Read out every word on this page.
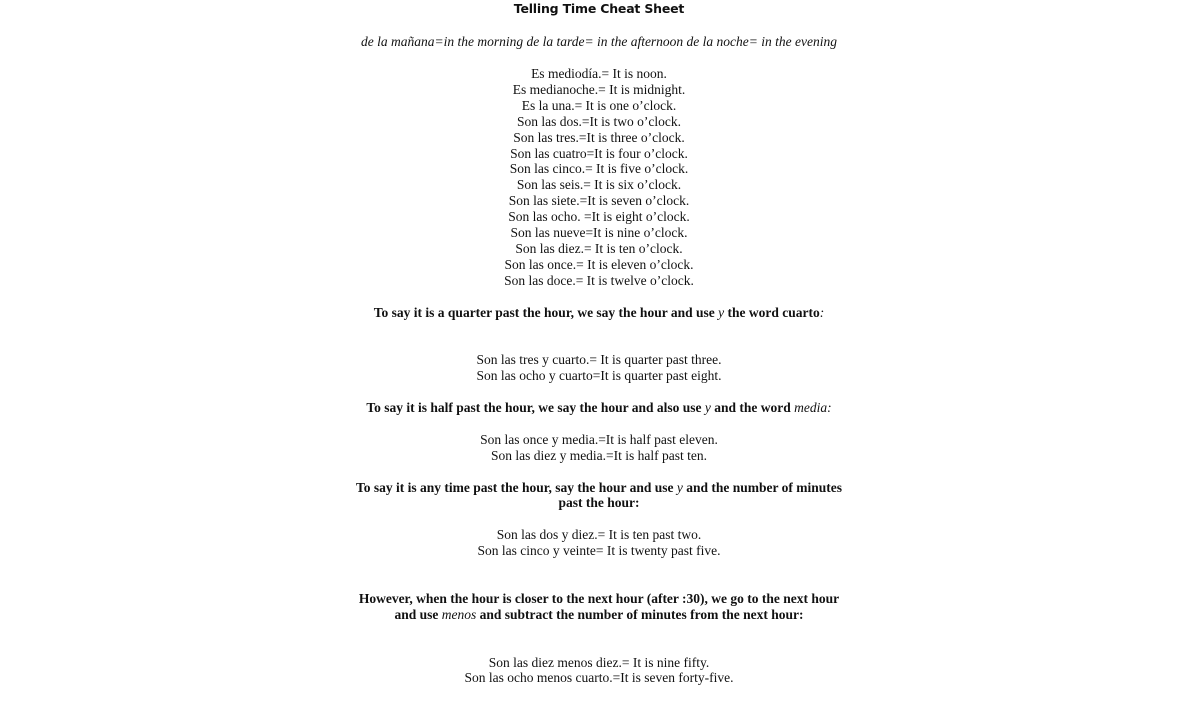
Telling Time Cheat Sheet
de la mañana=in the morning de la tarde= in the afternoon de la noche= in the evening
Es mediodía.= It is noon.
Es medianoche.= It is midnight.
Es la una.= It is one o’clock.
Son las dos.=It is two o’clock.
Son las tres.=It is three o’clock.
Son las cuatro=It is four o’clock.
Son las cinco.= It is five o’clock.
Son las seis.= It is six o’clock.
Son las siete.=It is seven o’clock.
Son las ocho. =It is eight o’clock.
Son las nueve=It is nine o’clock.
Son las diez.= It is ten o’clock.
Son las once.= It is eleven o’clock.
Son las doce.= It is twelve o’clock.
To say it is a quarter past the hour, we say the hour and use y the word cuarto:
Son las tres y cuarto.= It is quarter past three.
Son las ocho y cuarto=It is quarter past eight.
To say it is half past the hour, we say the hour and also use y and the word media:
Son las once y media.=It is half past eleven.
Son las diez y media.=It is half past ten.
To say it is any time past the hour, say the hour and use y and the number of minutes
past the hour:
Son las dos y diez.= It is ten past two.
Son las cinco y veinte= It is twenty past five.
However, when the hour is closer to the next hour (after :30), we go to the next hour
and use menos and subtract the number of minutes from the next hour:
Son las diez menos diez.= It is nine fifty.
Son las ocho menos cuarto.=It is seven forty-five.
